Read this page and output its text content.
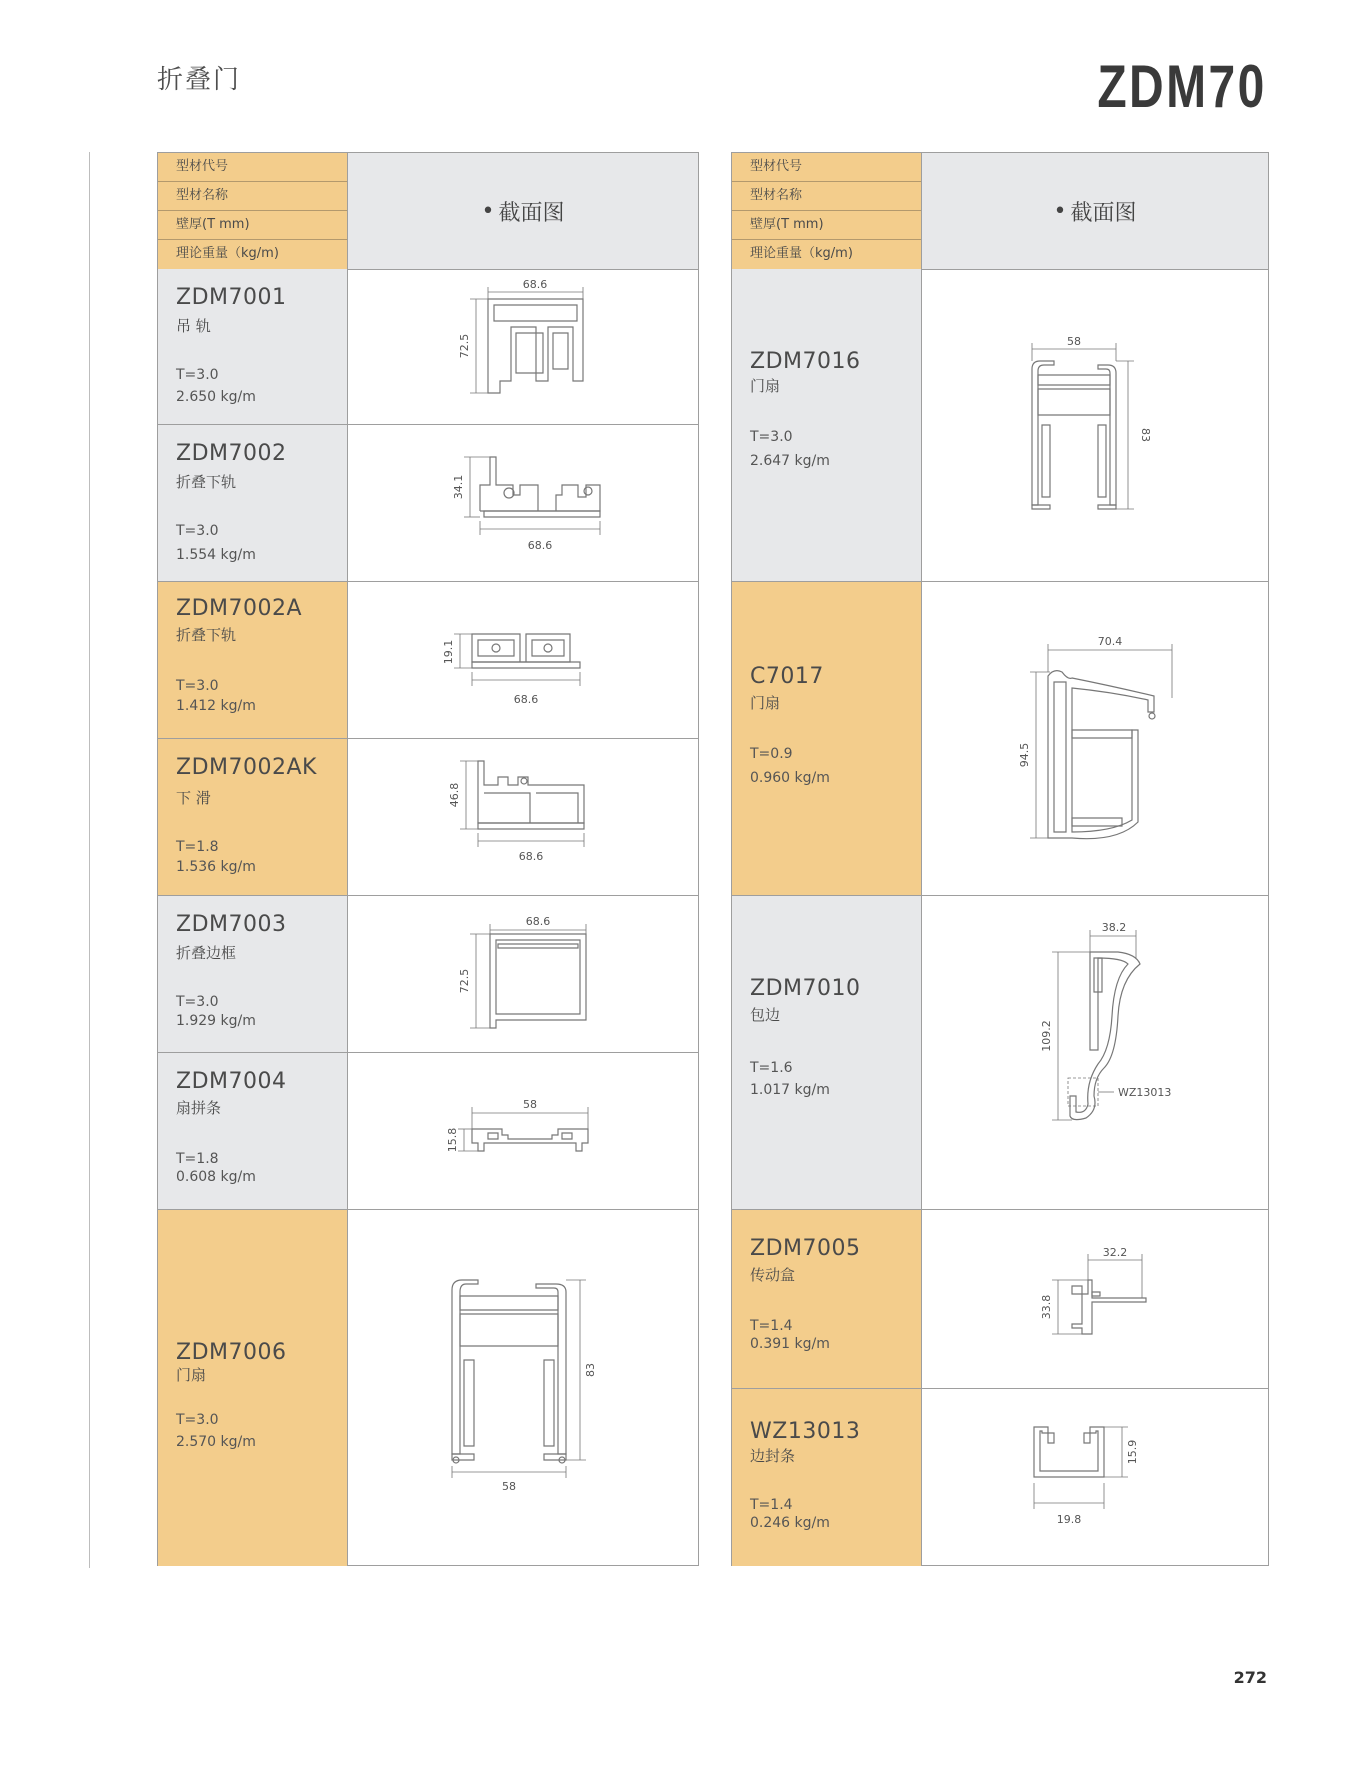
折叠门	ZDM70
型材代号
型材名称
壁厚(T mm)
理论重量（kg/m)
• 截面图
ZDM7001
吊 轨
T=3.0
2.650 kg/m
68.6
72.5
ZDM7002
折叠下轨
T=3.0
1.554 kg/m
34.1
68.6
ZDM7002A
折叠下轨
T=3.0
1.412 kg/m
19.1
68.6
ZDM7002AK
下 滑
T=1.8
1.536 kg/m
46.8
68.6
ZDM7003
折叠边框
T=3.0
1.929 kg/m
68.6
72.5
ZDM7004
扇拼条
T=1.8
0.608 kg/m
58
15.8
ZDM7006
门扇
T=3.0
2.570 kg/m
83
58
型材代号
型材名称
壁厚(T mm)
理论重量（kg/m)
• 截面图
ZDM7016
门扇
T=3.0
2.647 kg/m
58
83
C7017
门扇
T=0.9
0.960 kg/m
70.4
94.5
ZDM7010
包边
T=1.6
1.017 kg/m
38.2
109.2
WZ13013
ZDM7005
传动盒
T=1.4
0.391 kg/m
32.2
33.8
WZ13013
边封条
T=1.4
0.246 kg/m
15.9
19.8
272
